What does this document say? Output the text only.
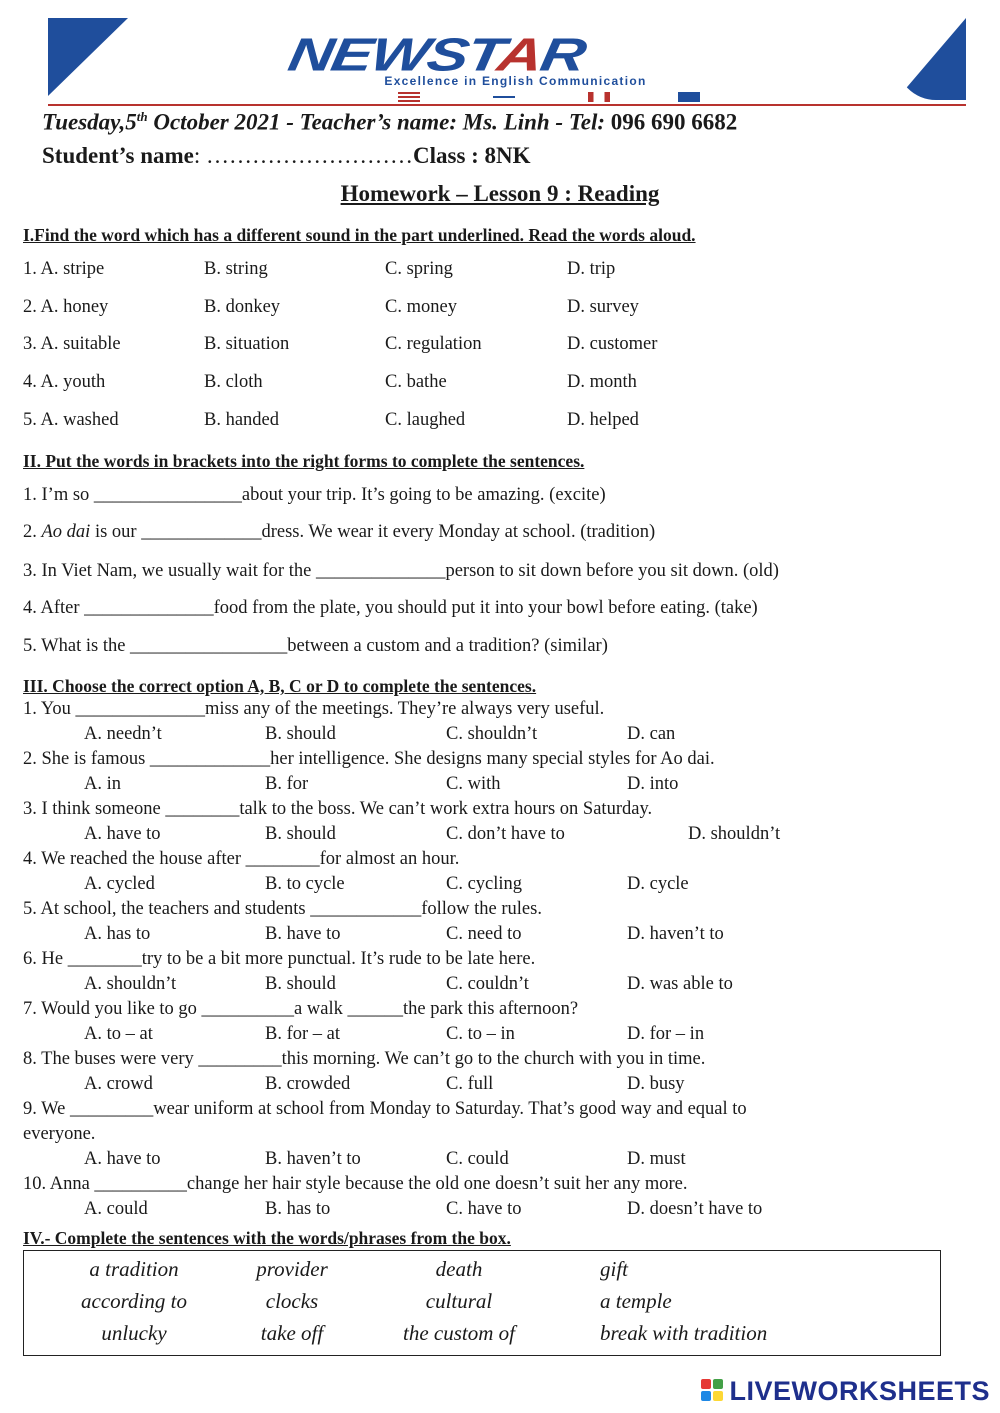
NEWSTAR
Excellence in English Communication
Tuesday,5th October 2021 - Teacher’s name: Ms. Linh - Tel: 096 690 6682
Student’s name: ………………………Class : 8NK
Homework – Lesson 9 : Reading
I.Find the word which has a different sound in the part underlined. Read the words aloud.
1. A. stripe	B. string	C. spring	D. trip
2. A. honey	B. donkey	C. money	D. survey
3. A. suitable	B. situation	C. regulation	D. customer
4. A. youth	B. cloth	C. bathe	D. month
5. A. washed	B. handed	C. laughed	D. helped
II. Put the words in brackets into the right forms to complete the sentences.
1. I’m so ________________about your trip. It’s going to be amazing. (excite)
2. Ao dai is our _____________dress. We wear it every Monday at school. (tradition)
3. In Viet Nam, we usually wait for the ______________person to sit down before you sit down. (old)
4. After ______________food from the plate, you should put it into your bowl before eating. (take)
5. What is the _________________between a custom and a tradition? (similar)
III. Choose the correct option A, B, C or D to complete the sentences.
1. You ______________miss any of the meetings. They’re always very useful.
A. needn’t	B. should	C. shouldn’t	D. can
2. She is famous _____________her intelligence. She designs many special styles for Ao dai.
A. in	B. for	C. with	D. into
3. I think someone ________talk to the boss. We can’t work extra hours on Saturday.
A. have to	B. should	C. don’t have to	D. shouldn’t
4. We reached the house after ________for almost an hour.
A. cycled	B. to cycle	C. cycling	D. cycle
5. At school, the teachers and students ____________follow the rules.
A. has to	B. have to	C. need to	D. haven’t to
6. He ________try to be a bit more punctual. It’s rude to be late here.
A. shouldn’t	B. should	C. couldn’t	D. was able to
7. Would you like to go __________a walk ______the park this afternoon?
A. to – at	B. for – at	C. to – in	D. for – in
8. The buses were very _________this morning. We can’t go to the church with you in time.
A. crowd	B. crowded	C. full	D. busy
9. We _________wear uniform at school from Monday to Saturday. That’s good way and equal to
everyone.
A. have to	B. haven’t to	C. could	D. must
10. Anna __________change her hair style because the old one doesn’t suit her any more.
A. could	B. has to	C. have to	D. doesn’t have to
IV.- Complete the sentences with the words/phrases from the box.
a tradition	provider	death	gift
according to	clocks	cultural	a temple
unlucky	take off	the custom of	break with tradition
LIVEWORKSHEETS
